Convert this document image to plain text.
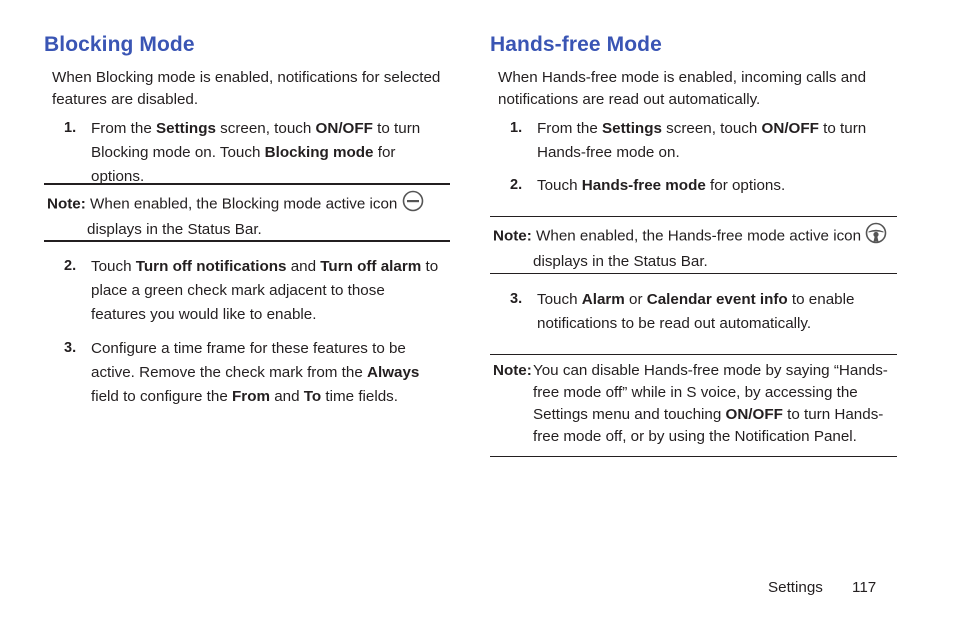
Blocking Mode
When Blocking mode is enabled, notifications for selected features are disabled.
1. From the Settings screen, touch ON/OFF to turn Blocking mode on. Touch Blocking mode for options.
Note: When enabled, the Blocking mode active icon
displays in the Status Bar.
2. Touch Turn off notifications and Turn off alarm to place a green check mark adjacent to those features you would like to enable.
3. Configure a time frame for these features to be active. Remove the check mark from the Always field to configure the From and To time fields.
Hands-free Mode
When Hands-free mode is enabled, incoming calls and notifications are read out automatically.
1. From the Settings screen, touch ON/OFF to turn Hands-free mode on.
2. Touch Hands-free mode for options.
Note: When enabled, the Hands-free mode active icon
displays in the Status Bar.
3. Touch Alarm or Calendar event info to enable notifications to be read out automatically.
Note: You can disable Hands-free mode by saying “Hands-free mode off” while in S voice, by accessing the Settings menu and touching ON/OFF to turn Hands-free mode off, or by using the Notification Panel.
Settings 117
